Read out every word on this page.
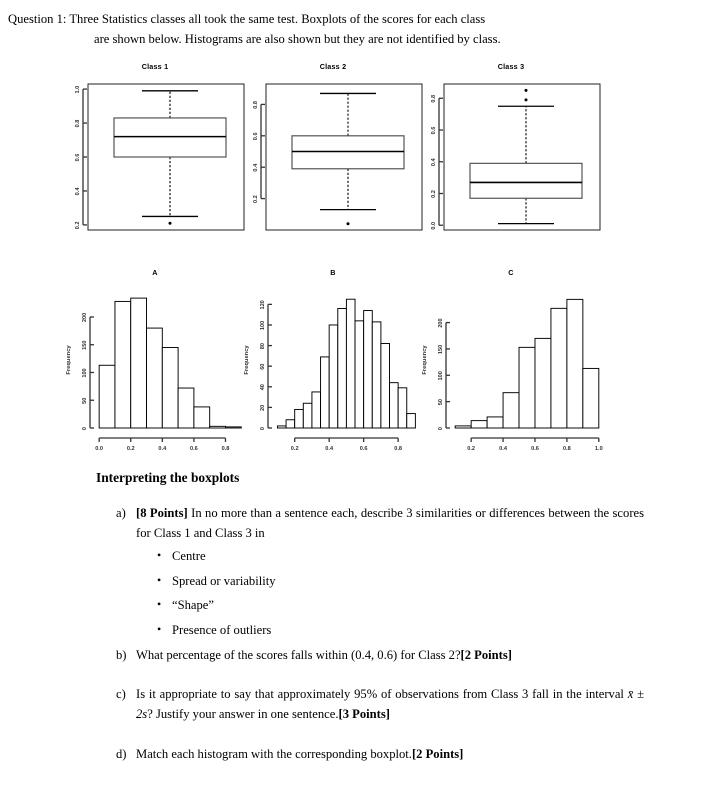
Question 1: Three Statistics classes all took the same test. Boxplots of the scores for each class
are shown below. Histograms are also shown but they are not identified by class.
Class 1
0.2
0.4
0.6
0.8
1.0
Class 2
0.2
0.4
0.6
0.8
Class 3
0.0
0.2
0.4
0.6
0.8
A
0
50
100
150
200
Frequency
0.0	0.2	0.4	0.6	0.8
B
0
20
40
60
80
100
120
Frequency
0.2	0.4	0.6	0.8
C
0
50
100
150
200
Frequency
0.2	0.4	0.6	0.8	1.0
Interpreting the boxplots
a) [8 Points] In no more than a sentence each, describe 3 similarities or differences between the scores for Class 1 and Class 3 in
• Centre
• Spread or variability
• “Shape”
• Presence of outliers
b) What percentage of the scores falls within (0.4, 0.6) for Class 2?[2 Points]
c) Is it appropriate to say that approximately 95% of observations from Class 3 fall in the interval x̄ ± 2s? Justify your answer in one sentence.[3 Points]
d) Match each histogram with the corresponding boxplot.[2 Points]
